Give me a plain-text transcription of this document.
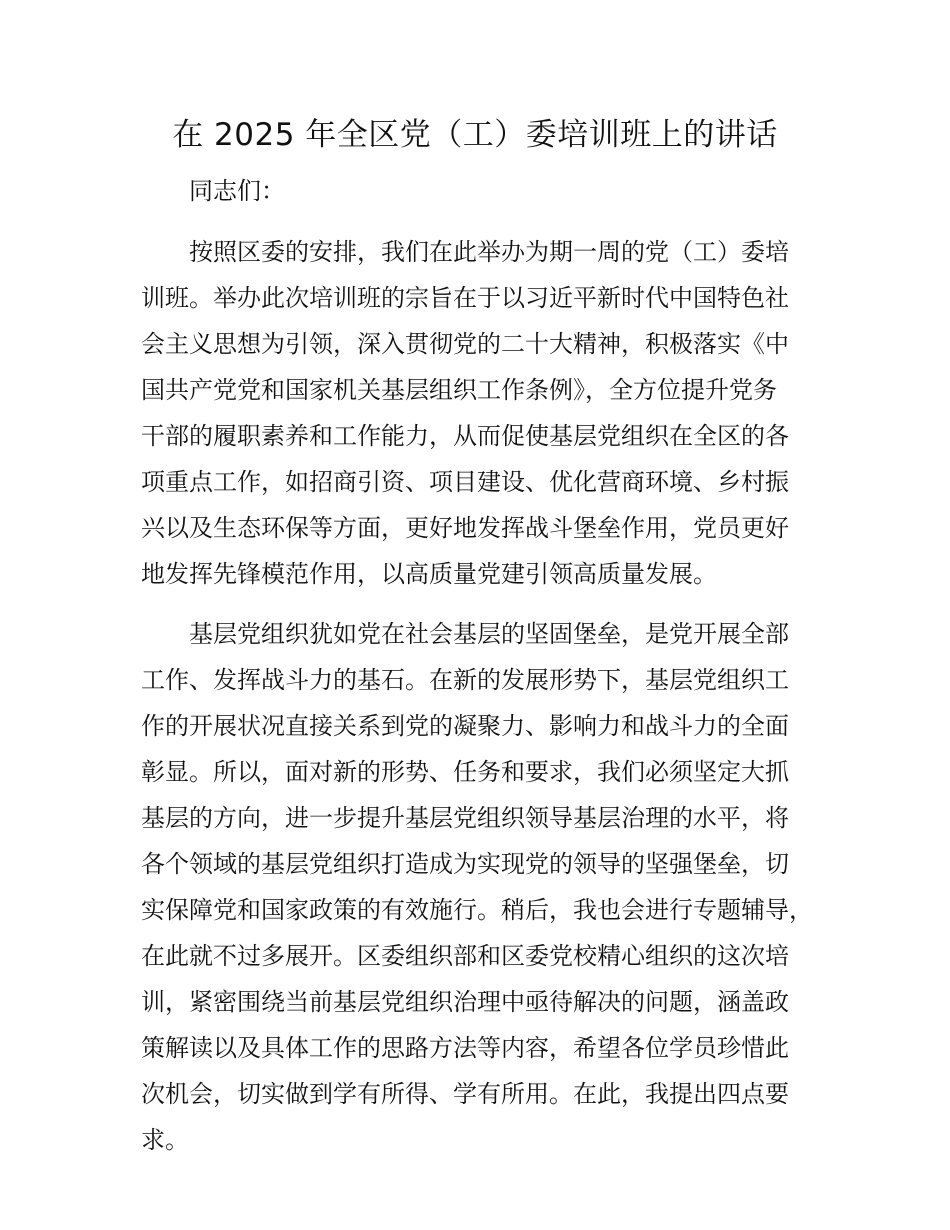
在 2025 年全区党（工）委培训班上的讲话

同志们：

按照区委的安排，我们在此举办为期一周的党（工）委培
训班。举办此次培训班的宗旨在于以习近平新时代中国特色社
会主义思想为引领，深入贯彻党的二十大精神，积极落实《中
国共产党党和国家机关基层组织工作条例》，全方位提升党务
干部的履职素养和工作能力，从而促使基层党组织在全区的各
项重点工作，如招商引资、项目建设、优化营商环境、乡村振
兴以及生态环保等方面，更好地发挥战斗堡垒作用，党员更好
地发挥先锋模范作用，以高质量党建引领高质量发展。
基层党组织犹如党在社会基层的坚固堡垒，是党开展全部
工作、发挥战斗力的基石。在新的发展形势下，基层党组织工
作的开展状况直接关系到党的凝聚力、影响力和战斗力的全面
彰显。所以，面对新的形势、任务和要求，我们必须坚定大抓
基层的方向，进一步提升基层党组织领导基层治理的水平，将
各个领域的基层党组织打造成为实现党的领导的坚强堡垒，切
实保障党和国家政策的有效施行。稍后，我也会进行专题辅导，
在此就不过多展开。区委组织部和区委党校精心组织的这次培
训，紧密围绕当前基层党组织治理中亟待解决的问题，涵盖政
策解读以及具体工作的思路方法等内容，希望各位学员珍惜此
次机会，切实做到学有所得、学有所用。在此，我提出四点要
求。
